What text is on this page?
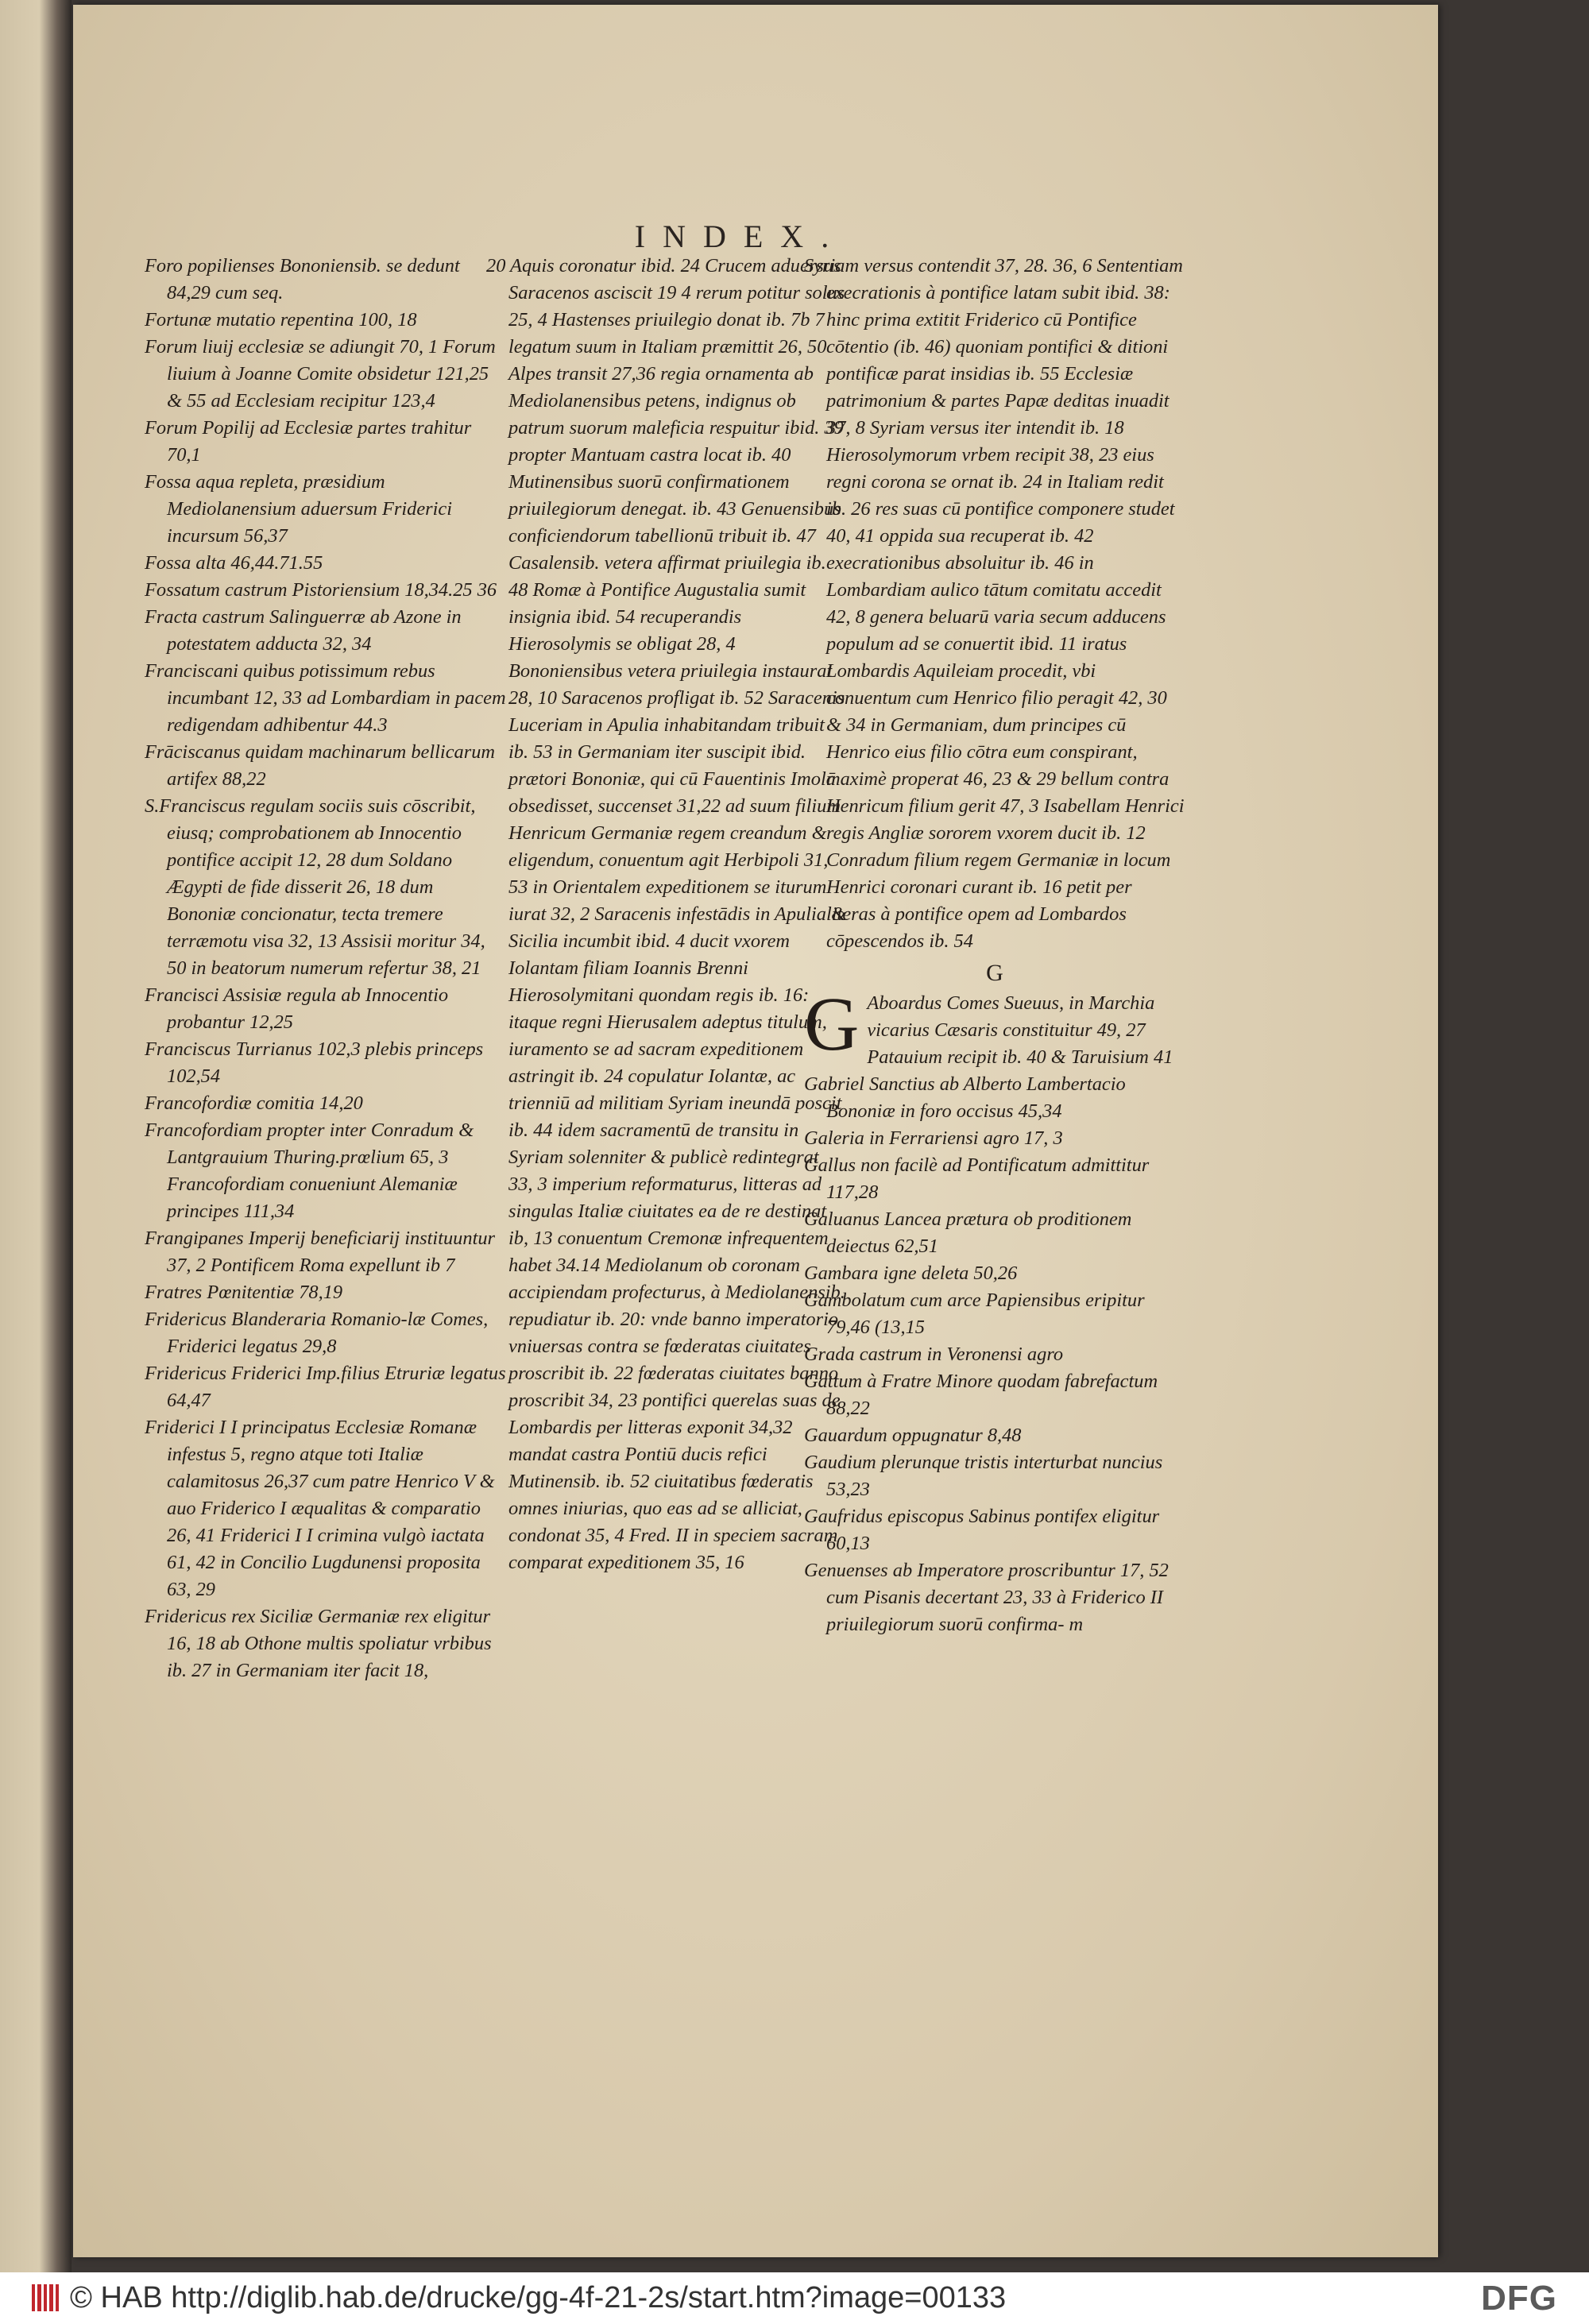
INDEX.

Foro popilienses Bononiensib. se dedunt 84,29 cum seq.

Fortunæ mutatio repentina 100, 18

Forum liuij ecclesiæ se adiungit 70, 1 Forum liuium à Joanne Comite obsidetur 121,25 & 55 ad Ecclesiam recipitur 123,4

Forum Popilij ad Ecclesiæ partes trahitur 70,1

Fossa aqua repleta, præsidium Mediolanensium aduersum Friderici incursum 56,37

Fossa alta 46,44.71.55

Fossatum castrum Pistoriensium 18,34.25 36

Fracta castrum Salinguerræ ab Azone in potestatem adducta 32, 34

Franciscani quibus potissimum rebus incumbant 12, 33 ad Lombardiam in pacem redigendam adhibentur 44.3

Frāciscanus quidam machinarum bellicarum artifex 88,22

S.Franciscus regulam sociis suis cōscribit, eiusq; comprobationem ab Innocentio pontifice accipit 12, 28 dum Soldano Ægypti de fide disserit 26, 18 dum Bononiæ concionatur, tecta tremere terræmotu visa 32, 13 Assisii moritur 34, 50 in beatorum numerum refertur 38, 21

Francisci Assisiæ regula ab Innocentio probantur 12,25

Franciscus Turrianus 102,3 plebis princeps 102,54

Francofordiæ comitia 14,20

Francofordiam propter inter Conradum & Lantgrauium Thuring.prœlium 65, 3 Francofordiam conueniunt Alemaniæ principes 111,34

Frangipanes Imperij beneficiarij instituuntur 37, 2 Pontificem Roma expellunt ib 7

Fratres Pœnitentiæ 78,19

Fridericus Blanderaria Romanio-læ Comes, Friderici legatus 29,8

Fridericus Friderici Imp.filius Etruriæ legatus 64,47

Friderici I I principatus Ecclesiæ Romanæ infestus 5, regno atque toti Italiæ calamitosus 26,37 cum patre Henrico V & auo Friderico I æqualitas & comparatio 26, 41 Friderici I I crimina vulgò iactata 61, 42 in Concilio Lugdunensi proposita 63, 29

Fridericus rex Siciliæ Germaniæ rex eligitur 16, 18 ab Othone multis spoliatur vrbibus ib. 27 in Germaniam iter facit 18,

20 Aquis coronatur ibid. 24 Crucem aduersus Saracenos asciscit 19 4 rerum potitur solus 25, 4 Hastenses priuilegio donat ib. 7b 7 legatum suum in Italiam præmittit 26, 50 Alpes transit 27,36 regia ornamenta ab Mediolanensibus petens, indignus ob patrum suorum maleficia respuitur ibid. 39 propter Mantuam castra locat ib. 40 Mutinensibus suorū confirmationem priuilegiorum denegat. ib. 43 Genuensibus conficiendorum tabellionū tribuit ib. 47 Casalensib. vetera affirmat priuilegia ib. 48 Romæ à Pontifice Augustalia sumit insignia ibid. 54 recuperandis Hierosolymis se obligat 28, 4 Bononiensibus vetera priuilegia instaurat 28, 10 Saracenos profligat ib. 52 Saracenis Luceriam in Apulia inhabitandam tribuit ib. 53 in Germaniam iter suscipit ibid. prætori Bononiæ, qui cū Fauentinis Imolā obsedisset, succenset 31,22 ad suum filium Henricum Germaniæ regem creandum & eligendum, conuentum agit Herbipoli 31, 53 in Orientalem expeditionem se iturum iurat 32, 2 Saracenis infestādis in Apulia & Sicilia incumbit ibid. 4 ducit vxorem Iolantam filiam Ioannis Brenni Hierosolymitani quondam regis ib. 16: itaque regni Hierusalem adeptus titulum, iuramento se ad sacram expeditionem astringit ib. 24 copulatur Iolantæ, ac trienniū ad militiam Syriam ineundā poscit ib. 44 idem sacramentū de transitu in Syriam solenniter & publicè redintegrat 33, 3 imperium reformaturus, litteras ad singulas Italiæ ciuitates ea de re destinat ib, 13 conuentum Cremonæ infrequentem habet 34.14 Mediolanum ob coronam accipiendam profecturus, à Mediolanensib. repudiatur ib. 20: vnde banno imperatorio vniuersas contra se fœderatas ciuitates proscribit ib. 22 fœderatas ciuitates banno proscribit 34, 23 pontifici querelas suas de Lombardis per litteras exponit 34,32 mandat castra Pontiū ducis refici Mutinensib. ib. 52 ciuitatibus fœderatis omnes iniurias, quo eas ad se alliciat, condonat 35, 4 Fred. II in speciem sacram comparat expeditionem 35, 16

Syriam versus contendit 37, 28. 36, 6 Sententiam execrationis à pontifice latam subit ibid. 38: hinc prima extitit Friderico cū Pontifice cōtentio (ib. 46) quoniam pontifici & ditioni pontificæ parat insidias ib. 55 Ecclesiæ patrimonium & partes Papæ deditas inuadit 37, 8 Syriam versus iter intendit ib. 18 Hierosolymorum vrbem recipit 38, 23 eius regni corona se ornat ib. 24 in Italiam redit ib. 26 res suas cū pontifice componere studet 40, 41 oppida sua recuperat ib. 42 execrationibus absoluitur ib. 46 in Lombardiam aulico tātum comitatu accedit 42, 8 genera beluarū varia secum adducens populum ad se conuertit ibid. 11 iratus Lombardis Aquileiam procedit, vbi conuentum cum Henrico filio peragit 42, 30 & 34 in Germaniam, dum principes cū Henrico eius filio cōtra eum conspirant, maximè properat 46, 23 & 29 bellum contra Henricum filium gerit 47, 3 Isabellam Henrici regis Angliæ sororem vxorem ducit ib. 12 Conradum filium regem Germaniæ in locum Henrici coronari curant ib. 16 petit per literas à pontifice opem ad Lombardos cōpescendos ib. 54

G

G Aboardus Comes Sueuus, in Marchia vicarius Cæsaris constituitur 49, 27 Patauium recipit ib. 40 & Taruisium 41

Gabriel Sanctius ab Alberto Lambertacio Bononiæ in foro occisus 45,34

Galeria in Ferrariensi agro 17, 3

Gallus non facilè ad Pontificatum admittitur 117,28

Galuanus Lancea prætura ob proditionem deiectus 62,51

Gambara igne deleta 50,26

Gambolatum cum arce Papiensibus eripitur 79,46 (13,15

Grada castrum in Veronensi agro

Gattum à Fratre Minore quodam fabrefactum 88,22

Gauardum oppugnatur 8,48

Gaudium plerunque tristis interturbat nuncius 53,23

Gaufridus episcopus Sabinus pontifex eligitur 60,13

Genuenses ab Imperatore proscribuntur 17, 52 cum Pisanis decertant 23, 33 à Friderico II priuilegiorum suorū confirma- m

© HAB http://diglib.hab.de/drucke/gg-4f-21-2s/start.htm?image=00133	DFG
